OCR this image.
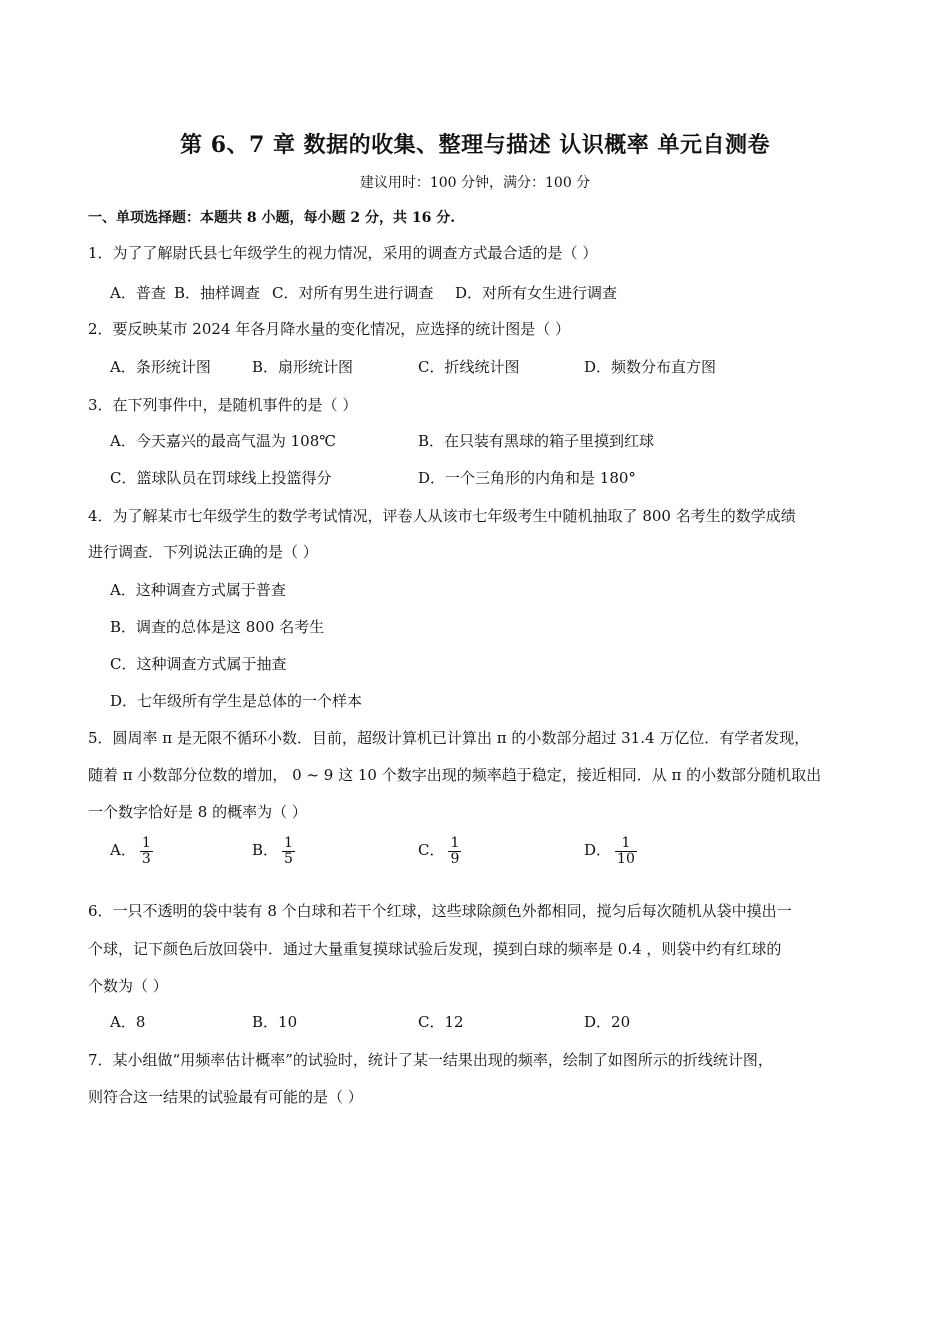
第 6、7 章 数据的收集、整理与描述 认识概率 单元自测卷
建议用时：100 分钟，满分：100 分
一、单项选择题：本题共 8 小题，每小题 2 分，共 16 分.
1．为了了解尉氏县七年级学生的视力情况，采用的调查方式最合适的是（ ）
A．普查 B．抽样调查 C．对所有男生进行调查 D．对所有女生进行调查
2．要反映某市 2024 年各月降水量的变化情况，应选择的统计图是（ ）
A．条形统计图	B．扇形统计图	C．折线统计图	D．频数分布直方图
3．在下列事件中，是随机事件的是（ ）
A．今天嘉兴的最高气温为 108℃	B．在只装有黑球的箱子里摸到红球
C．篮球队员在罚球线上投篮得分	D．一个三角形的内角和是 180°
4．为了解某市七年级学生的数学考试情况，评卷人从该市七年级考生中随机抽取了 800 名考生的数学成绩
进行调查．下列说法正确的是（ ）
A．这种调查方式属于普查
B．调查的总体是这 800 名考生
C．这种调查方式属于抽查
D．七年级所有学生是总体的一个样本
5．圆周率 π 是无限不循环小数．目前，超级计算机已计算出 π 的小数部分超过 31.4 万亿位．有学者发现，
随着 π 小数部分位数的增加， 0 ~ 9 这 10 个数字出现的频率趋于稳定，接近相同．从 π 的小数部分随机取出
一个数字恰好是 8 的概率为（ ）
A． $\frac{1}{3}$	B． $\frac{1}{5}$	C． $\frac{1}{9}$	D． $\frac{1}{10}$
6．一只不透明的袋中装有 8 个白球和若干个红球，这些球除颜色外都相同，搅匀后每次随机从袋中摸出一
个球，记下颜色后放回袋中．通过大量重复摸球试验后发现，摸到白球的频率是 0.4 ，则袋中约有红球的
个数为（ ）
A．8	B．10	C．12	D．20
7．某小组做“用频率估计概率”的试验时，统计了某一结果出现的频率，绘制了如图所示的折线统计图，
则符合这一结果的试验最有可能的是（ ）
